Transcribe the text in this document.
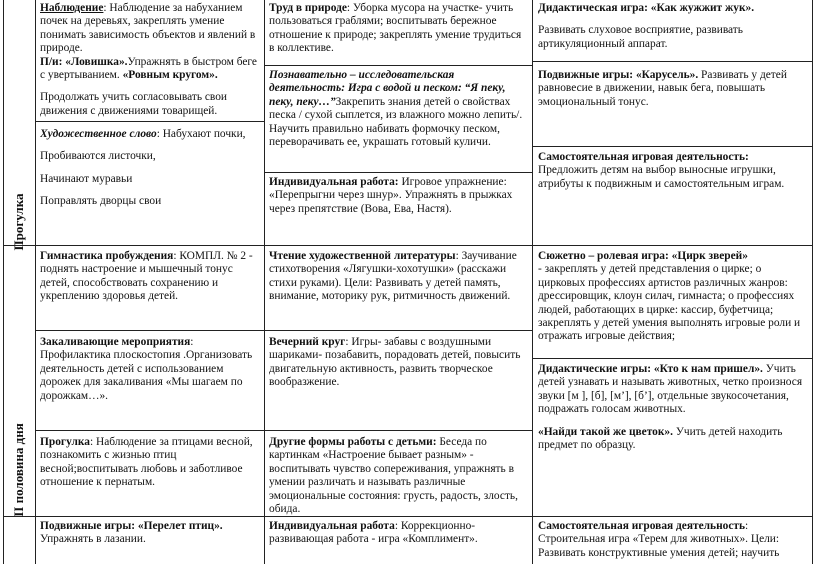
Прогулка
II половина дня

Наблюдение: Наблюдение за набуханием почек на деревьях, закреплять умение понимать зависимость объектов и явлений в природе.

П/и: «Ловишка».Упражнять в быстром беге с увертыванием. «Ровным кругом».

Продолжать учить согласовывать свои движения с движениями товарищей.

Художественное слово: Набухают почки,

Пробиваются листочки,

Начинают муравьи

Поправлять дворцы свои

Труд в природе: Уборка мусора на участке- учить пользоваться граблями; воспитывать бережное отношение к природе; закреплять умение трудиться в коллективе.

Познавательно – исследовательская деятельность: Игра с водой и песком: “Я пеку, пеку, пеку…”Закрепить знания детей о свойствах песка / сухой сыплется, из влажного можно лепить/. Научить правильно набивать формочку песком, переворачивать ее, украшать готовый куличи.

Индивидуальная работа: Игровое упражнение: «Перепрыгни через шнур». Упражнять в прыжках через препятствие (Вова, Ева, Настя).

Дидактическая игра: «Как жужжит жук».

Развивать слуховое восприятие, развивать артикуляционный аппарат.

Подвижные игры: «Карусель». Развивать у детей равновесие в движении, навык бега, повышать эмоциональный тонус.

Самостоятельная игровая деятельность:

Предложить детям на выбор выносные игрушки, атрибуты к подвижным и самостоятельным играм.

Гимнастика пробуждения: КОМПЛ. № 2 - поднять настроение и мышечный тонус детей, способствовать сохранению и укреплению здоровья детей.

Закаливающие мероприятия: Профилактика плоскостопия .Организовать деятельность детей с использованием дорожек для закаливания «Мы шагаем по дорожкам…».

Прогулка: Наблюдение за птицами весной, познакомить с жизнью птиц весной;воспитывать любовь и заботливое отношение к пернатым.

Чтение художественной литературы: Заучивание стихотворения «Лягушки-хохотушки» (расскажи стихи руками). Цели: Развивать у детей память, внимание, моторику рук, ритмичность движений.

Вечерний круг: Игры- забавы с воздушными шариками- позабавить, порадовать детей, повысить двигательную активность, развить творческое вообразжение.

Другие формы работы с детьми: Беседа по картинкам «Настроение бывает разным» - воспитывать чувство сопереживания, упражнять в умении различать и называть различные эмоциональные состояния: грусть, радость, злость, обида.

Сюжетно – ролевая игра: «Цирк зверей»

- закреплять у детей представления о цирке; о цирковых профессиях артистов различных жанров: дрессировщик, клоун силач, гимнаста; о профессиях людей, работающих в цирке: кассир, буфетчица; закреплять у детей умения выполнять игровые роли и отражать игровые действия;

Дидактические игры: «Кто к нам пришел». Учить детей узнавать и называть животных, четко произнося звуки [м ], [б], [м’], [б’], отдельные звукосочетания, подражать голосам животных.

«Найди такой же цветок». Учить детей находить предмет по образцу.

Подвижные игры: «Перелет птиц».

Упражнять в лазании.

Индивидуальная работа: Коррекционно-развивающая работа - игра «Комплимент».

Самостоятельная игровая деятельность: Строительная игра «Терем для животных». Цели: Развивать конструктивные умения детей; научить
